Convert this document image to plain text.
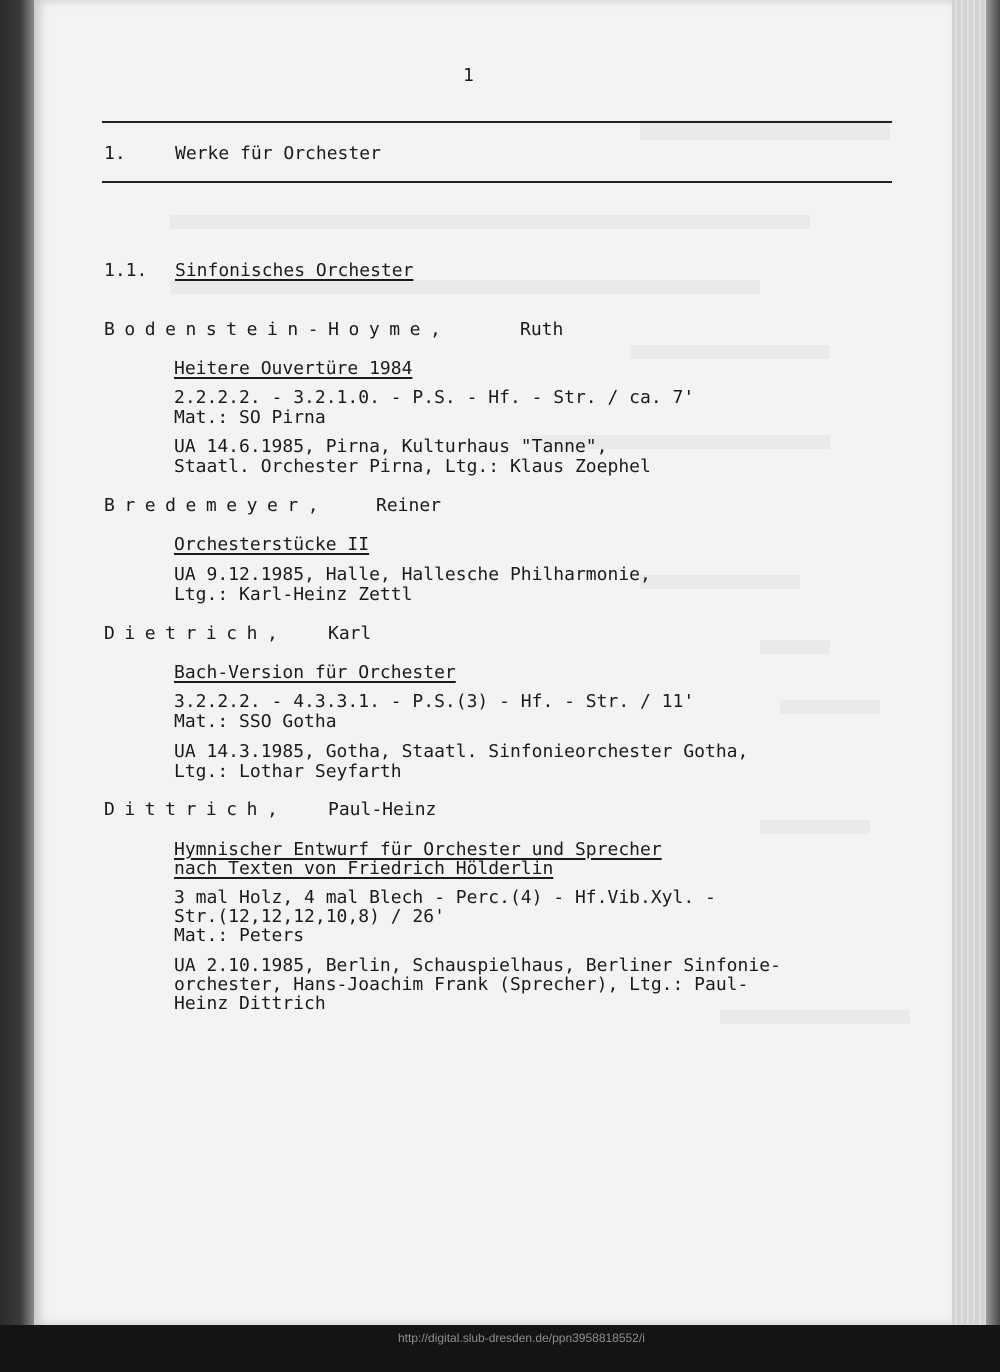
1
1.	Werke für Orchester
1.1. Sinfonisches Orchester
Bodenstein-Hoyme,	Ruth
Heitere Ouvertüre 1984
2.2.2.2. - 3.2.1.0. - P.S. - Hf. - Str. / ca. 7'
Mat.: SO Pirna
UA 14.6.1985, Pirna, Kulturhaus "Tanne",
Staatl. Orchester Pirna, Ltg.: Klaus Zoephel
Bredemeyer,	Reiner
Orchesterstücke II
UA 9.12.1985, Halle, Hallesche Philharmonie,
Ltg.: Karl-Heinz Zettl
Dietrich, Karl
Bach-Version für Orchester
3.2.2.2. - 4.3.3.1. - P.S.(3) - Hf. - Str. / 11'
Mat.: SSO Gotha
UA 14.3.1985, Gotha, Staatl. Sinfonieorchester Gotha,
Ltg.: Lothar Seyfarth
Dittrich, Paul-Heinz
Hymnischer Entwurf für Orchester und Sprecher
nach Texten von Friedrich Hölderlin
3 mal Holz, 4 mal Blech - Perc.(4) - Hf.Vib.Xyl. -
Str.(12,12,12,10,8) / 26'
Mat.: Peters
UA 2.10.1985, Berlin, Schauspielhaus, Berliner Sinfonie-
orchester, Hans-Joachim Frank (Sprecher), Ltg.: Paul-
Heinz Dittrich
http://digital.slub-dresden.de/ppn3958818552/i
